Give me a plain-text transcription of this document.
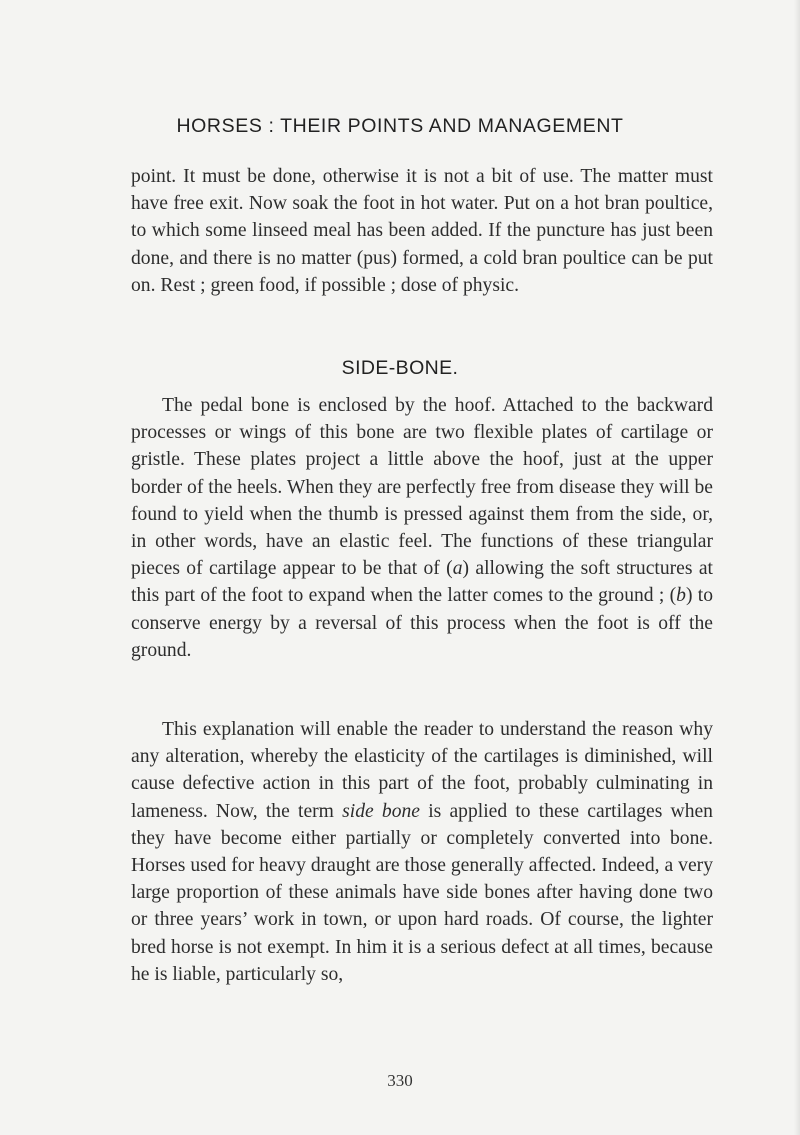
HORSES : THEIR POINTS AND MANAGEMENT

point. It must be done, otherwise it is not a bit of use. The matter must have free exit. Now soak the foot in hot water. Put on a hot bran poultice, to which some linseed meal has been added. If the puncture has just been done, and there is no matter (pus) formed, a cold bran poultice can be put on. Rest ; green food, if possible ; dose of physic.

SIDE-BONE.

The pedal bone is enclosed by the hoof. Attached to the backward processes or wings of this bone are two flexible plates of cartilage or gristle. These plates project a little above the hoof, just at the upper border of the heels. When they are perfectly free from disease they will be found to yield when the thumb is pressed against them from the side, or, in other words, have an elastic feel. The functions of these triangular pieces of cartilage appear to be that of (a) allowing the soft structures at this part of the foot to expand when the latter comes to the ground ; (b) to conserve energy by a reversal of this process when the foot is off the ground.

This explanation will enable the reader to understand the reason why any alteration, whereby the elasticity of the cartilages is diminished, will cause defective action in this part of the foot, probably culminating in lameness. Now, the term side bone is applied to these cartilages when they have become either partially or completely converted into bone. Horses used for heavy draught are those generally affected. Indeed, a very large proportion of these animals have side bones after having done two or three years’ work in town, or upon hard roads. Of course, the lighter bred horse is not exempt. In him it is a serious defect at all times, because he is liable, particularly so,

330
